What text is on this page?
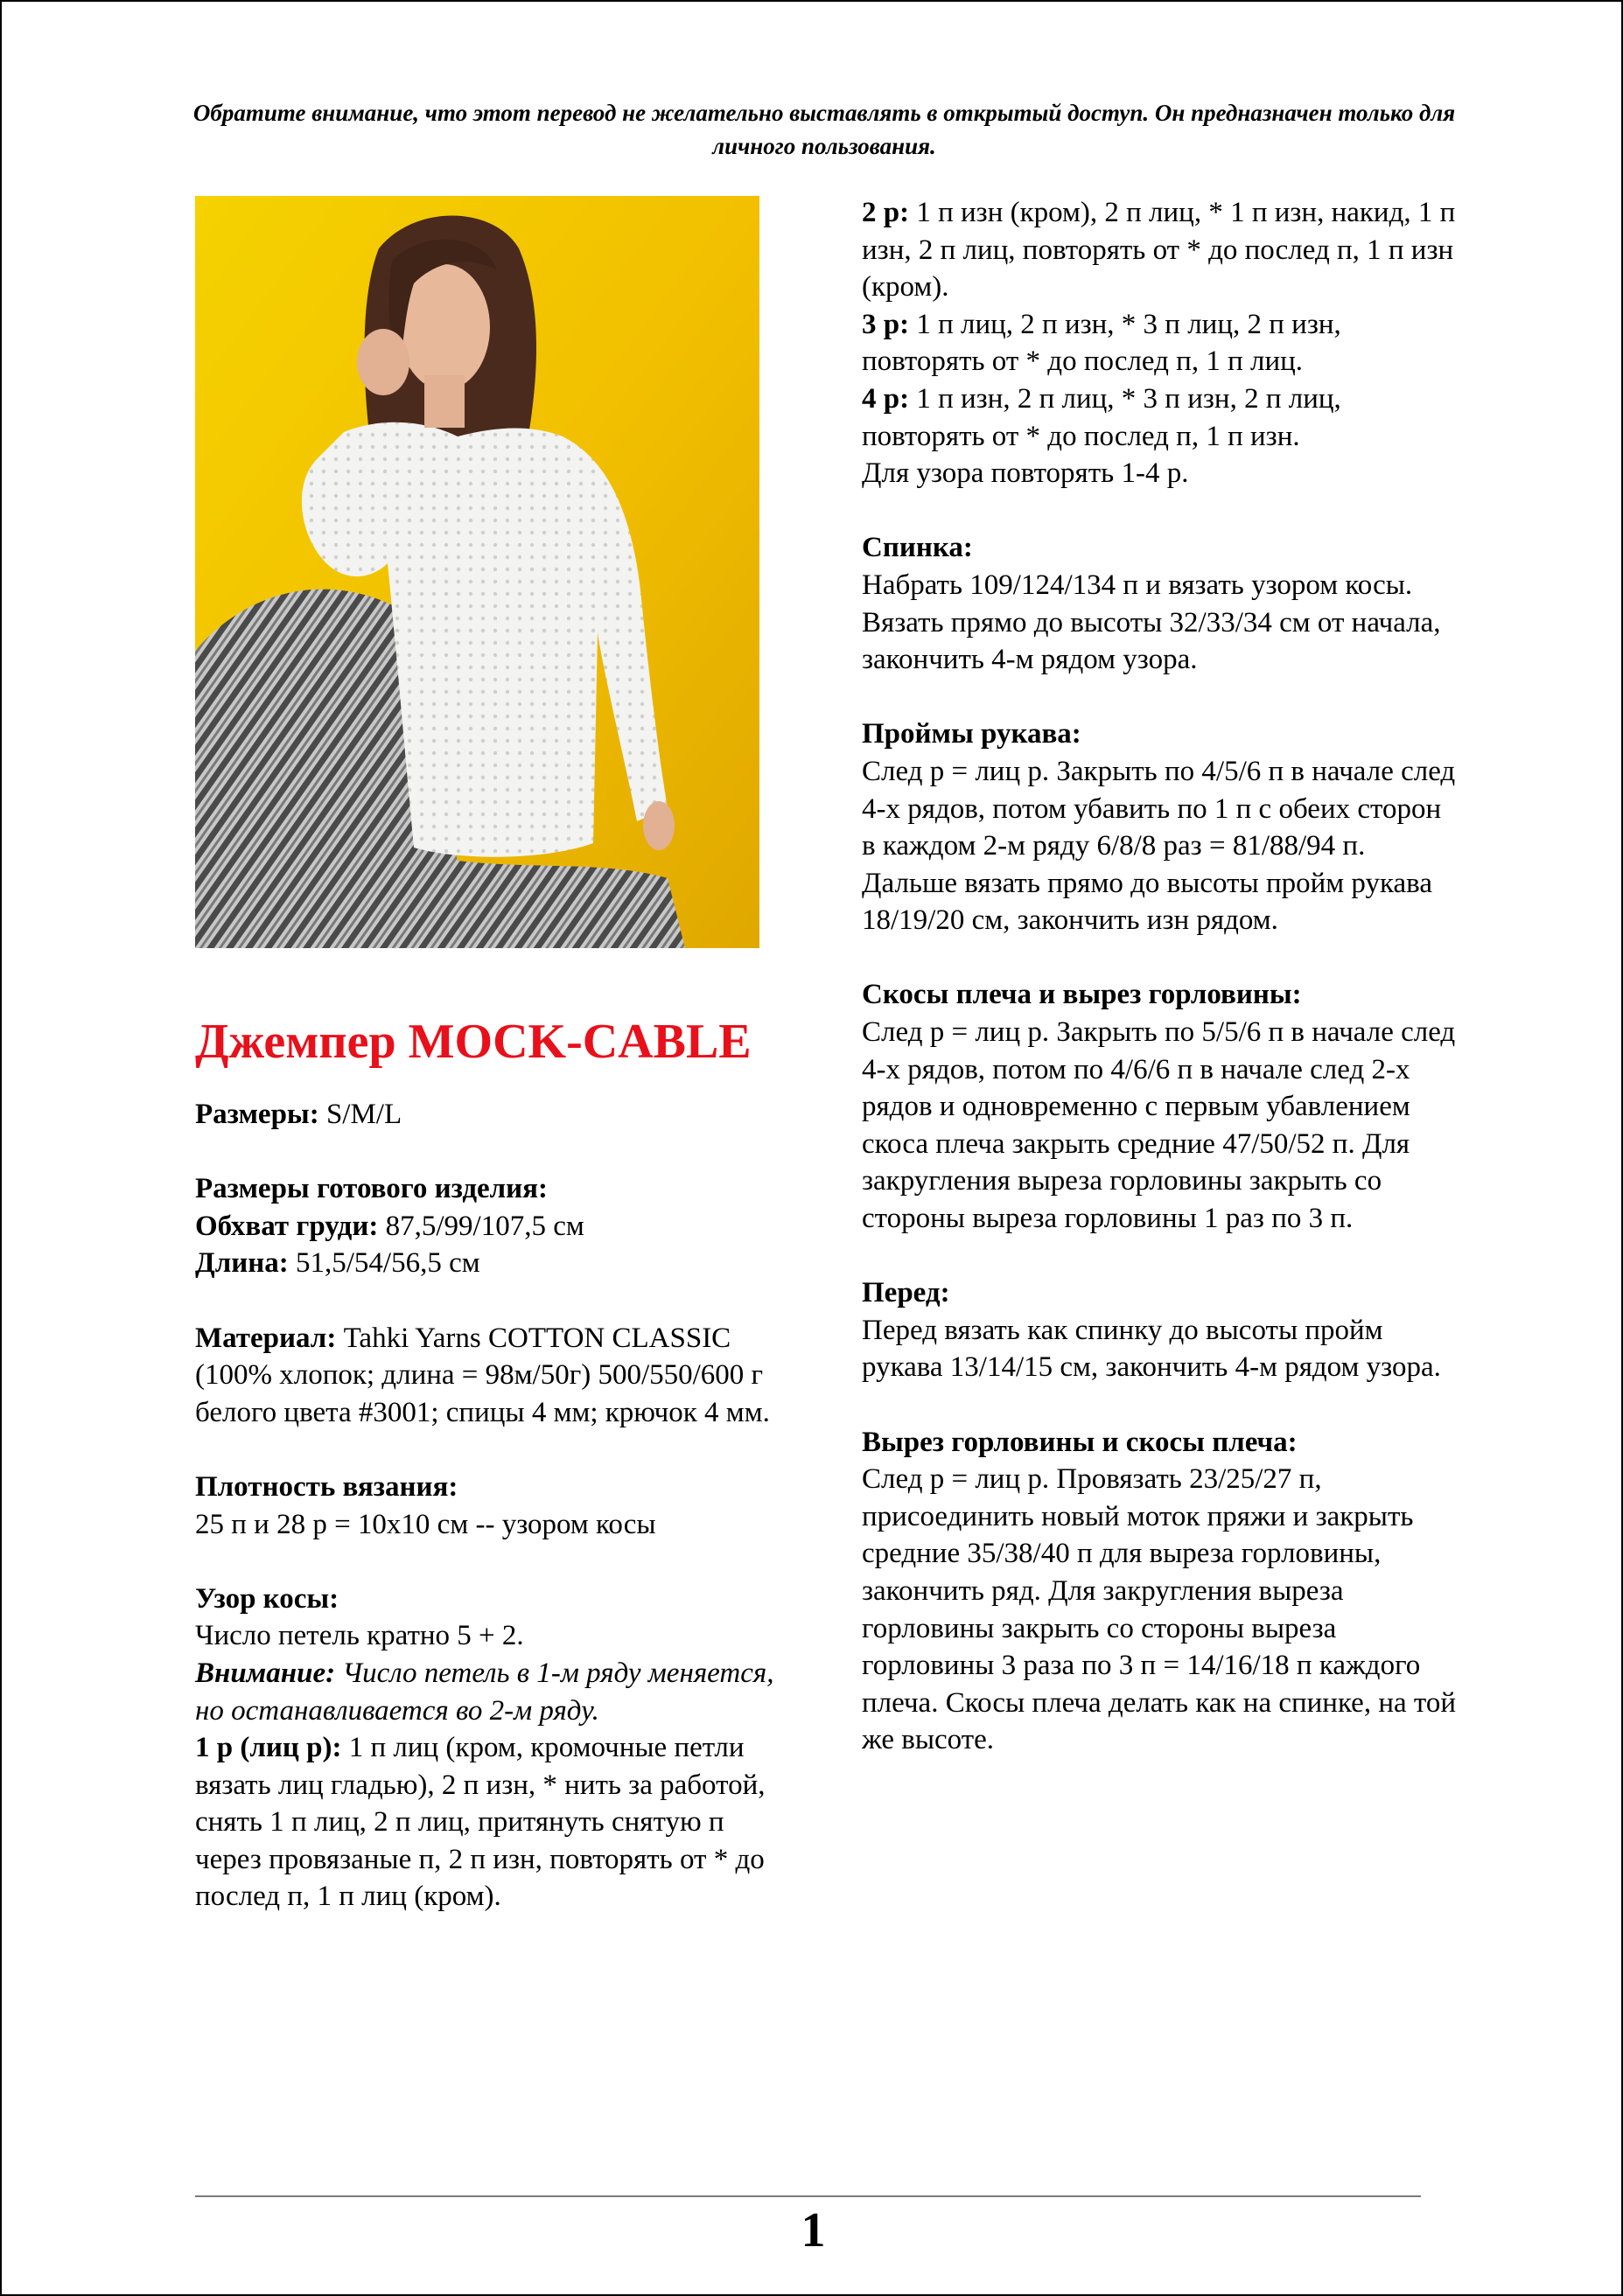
Обратите внимание, что этот перевод не желательно выставлять в открытый доступ. Он предназначен только для личного пользования.
Джемпер MOCK-CABLE

Размеры: S/M/L

Размеры готового изделия:
Обхват груди: 87,5/99/107,5 см
Длина: 51,5/54/56,5 см

Материал: Tahki Yarns COTTON CLASSIC (100% хлопок; длина = 98м/50г) 500/550/600 г белого цвета #3001; спицы 4 мм; крючок 4 мм.

Плотность вязания:
25 п и 28 р = 10x10 см -- узором косы

Узор косы:
Число петель кратно 5 + 2.
Внимание: Число петель в 1-м ряду меняется, но останавливается во 2-м ряду.
1 р (лиц р): 1 п лиц (кром, кромочные петли вязать лиц гладью), 2 п изн, * нить за работой, снять 1 п лиц, 2 п лиц, притянуть снятую п через провязаные п, 2 п изн, повторять от * до послед п, 1 п лиц (кром).

2 р: 1 п изн (кром), 2 п лиц, * 1 п изн, накид, 1 п изн, 2 п лиц, повторять от * до послед п, 1 п изн (кром).
3 р: 1 п лиц, 2 п изн, * 3 п лиц, 2 п изн, повторять от * до послед п, 1 п лиц.
4 р: 1 п изн, 2 п лиц, * 3 п изн, 2 п лиц, повторять от * до послед п, 1 п изн.
Для узора повторять 1-4 р.

Спинка:
Набрать 109/124/134 п и вязать узором косы. Вязать прямо до высоты 32/33/34 см от начала, закончить 4-м рядом узора.

Проймы рукава:
След р = лиц р. Закрыть по 4/5/6 п в начале след 4-х рядов, потом убавить по 1 п с обеих сторон в каждом 2-м ряду 6/8/8 раз = 81/88/94 п. Дальше вязать прямо до высоты пройм рукава 18/19/20 см, закончить изн рядом.

Скосы плеча и вырез горловины:
След р = лиц р. Закрыть по 5/5/6 п в начале след 4-х рядов, потом по 4/6/6 п в начале след 2-х рядов и одновременно с первым убавлением скоса плеча закрыть средние 47/50/52 п. Для закругления выреза горловины закрыть со стороны выреза горловины 1 раз по 3 п.

Перед:
Перед вязать как спинку до высоты пройм рукава 13/14/15 см, закончить 4-м рядом узора.

Вырез горловины и скосы плеча:
След р = лиц р. Провязать 23/25/27 п, присоединить новый моток пряжи и закрыть средние 35/38/40 п для выреза горловины, закончить ряд. Для закругления выреза горловины закрыть со стороны выреза горловины 3 раза по 3 п = 14/16/18 п каждого плеча. Скосы плеча делать как на спинке, на той же высоте.

1
